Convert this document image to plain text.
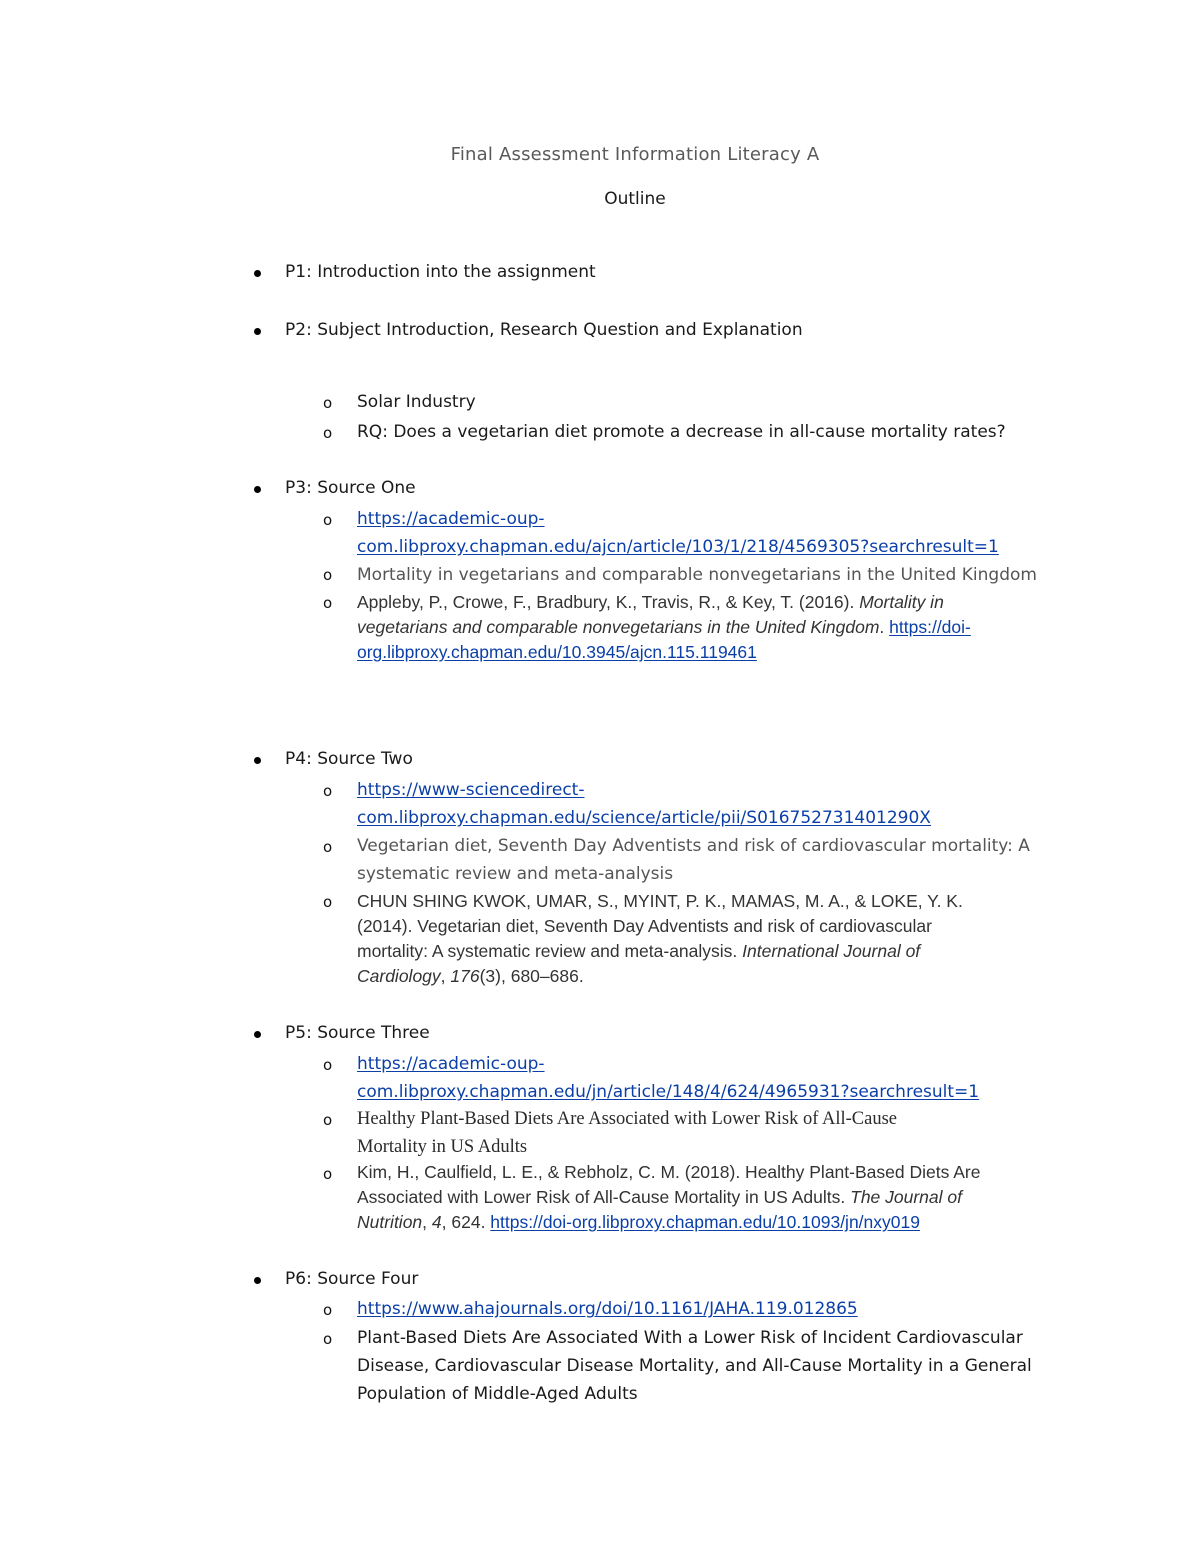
Final Assessment Information Literacy A
Outline
P1: Introduction into the assignment
P2: Subject Introduction, Research Question and Explanation
o Solar Industry
o RQ: Does a vegetarian diet promote a decrease in all-cause mortality rates?
P3: Source One
o https://academic-oup-
com.libproxy.chapman.edu/ajcn/article/103/1/218/4569305?searchresult=1
o Mortality in vegetarians and comparable nonvegetarians in the United Kingdom
o Appleby, P., Crowe, F., Bradbury, K., Travis, R., & Key, T. (2016). Mortality in
vegetarians and comparable nonvegetarians in the United Kingdom. https://doi-
org.libproxy.chapman.edu/10.3945/ajcn.115.119461
P4: Source Two
o https://www-sciencedirect-
com.libproxy.chapman.edu/science/article/pii/S016752731401290X
o Vegetarian diet, Seventh Day Adventists and risk of cardiovascular mortality: A
systematic review and meta-analysis
o CHUN SHING KWOK, UMAR, S., MYINT, P. K., MAMAS, M. A., & LOKE, Y. K.
(2014). Vegetarian diet, Seventh Day Adventists and risk of cardiovascular
mortality: A systematic review and meta-analysis. International Journal of
Cardiology, 176(3), 680–686.
P5: Source Three
o https://academic-oup-
com.libproxy.chapman.edu/jn/article/148/4/624/4965931?searchresult=1
o Healthy Plant-Based Diets Are Associated with Lower Risk of All-Cause
Mortality in US Adults
o Kim, H., Caulfield, L. E., & Rebholz, C. M. (2018). Healthy Plant-Based Diets Are
Associated with Lower Risk of All-Cause Mortality in US Adults. The Journal of
Nutrition, 4, 624. https://doi-org.libproxy.chapman.edu/10.1093/jn/nxy019
P6: Source Four
o https://www.ahajournals.org/doi/10.1161/JAHA.119.012865
o Plant-Based Diets Are Associated With a Lower Risk of Incident Cardiovascular
Disease, Cardiovascular Disease Mortality, and All-Cause Mortality in a General
Population of Middle-Aged Adults
